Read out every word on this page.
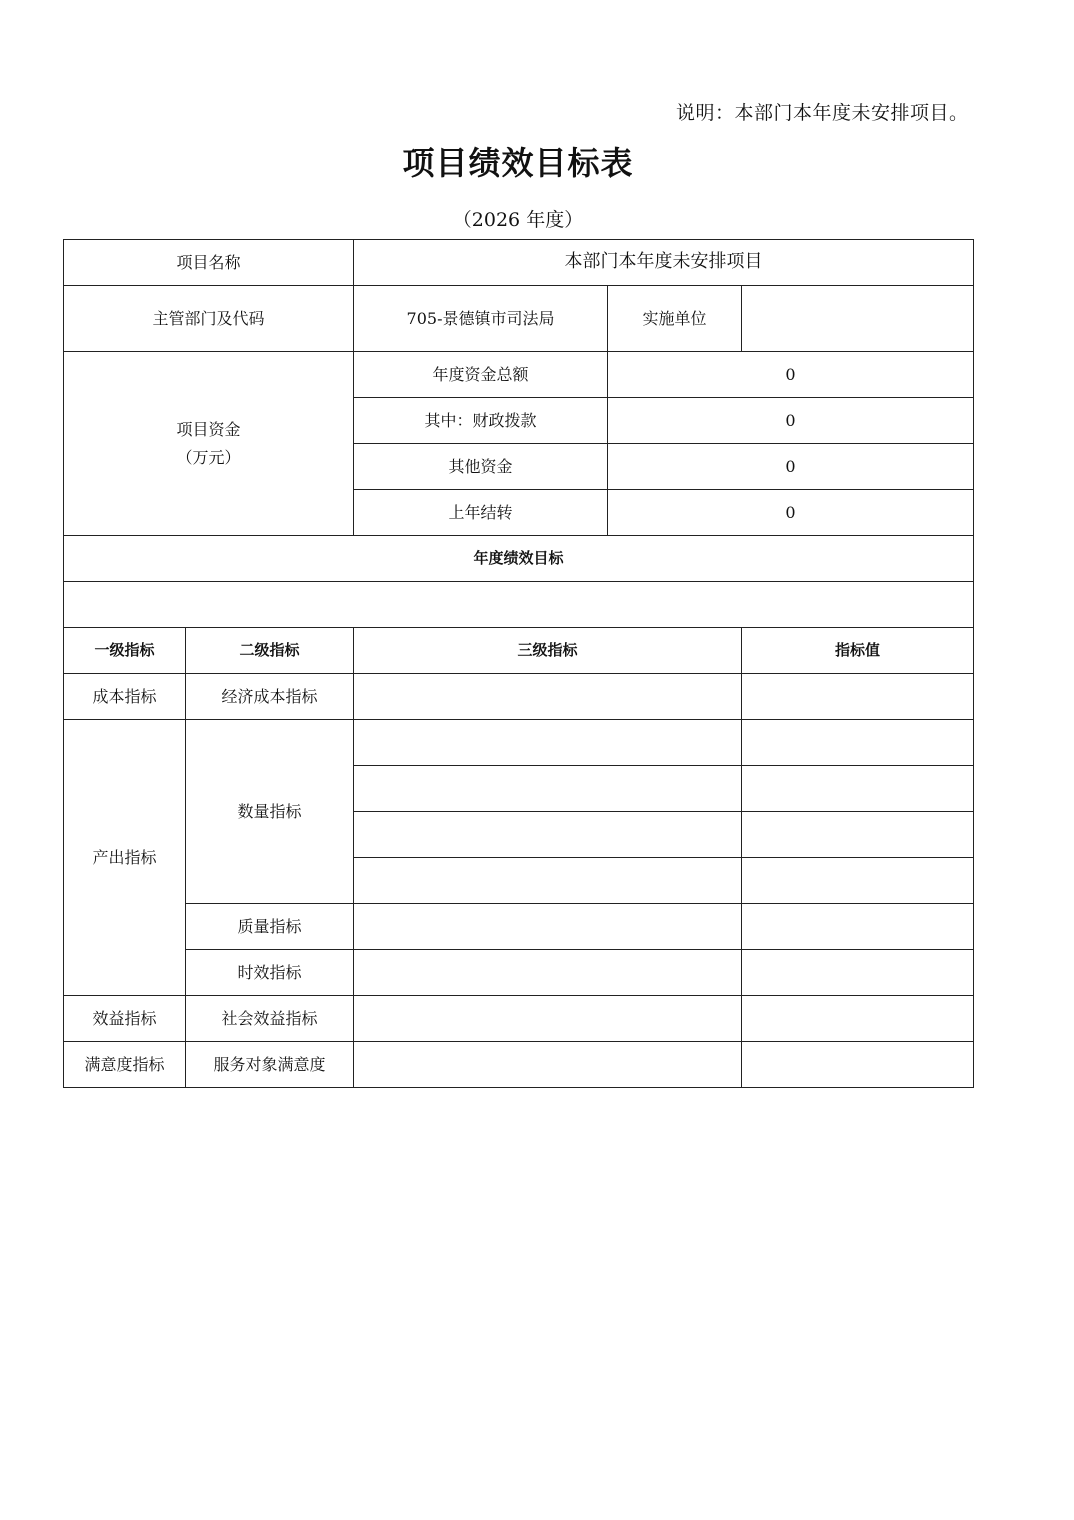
说明：本部门本年度未安排项目。
项目绩效目标表
（2026 年度）
项目名称		本部门本年度未安排项目		
主管部门及代码		705-景德镇市司法局	实施单位	

项目资金
（万元）		年度资金总额	0	
		其中：财政拨款	0	
		其他资金	0	
		上年结转	0	
年度绩效目标				

一级指标	二级指标	三级指标		指标值
成本指标	经济成本指标			
产出指标	数量指标			

	质量指标			
	时效指标			
效益指标	社会效益指标			
满意度指标	服务对象满意度			
